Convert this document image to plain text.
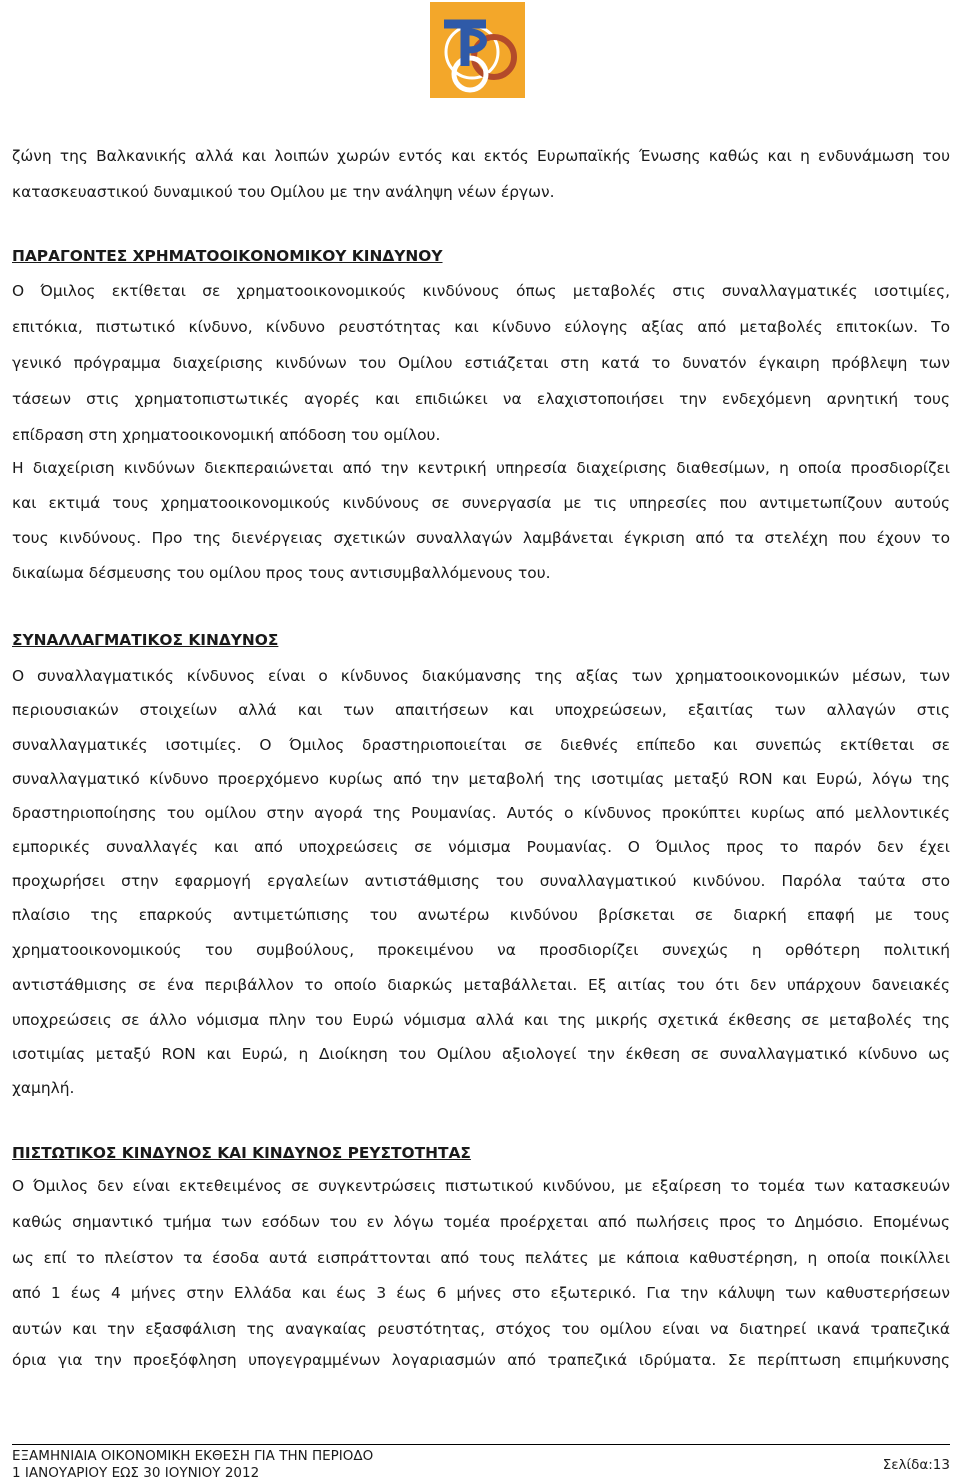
ζώνη της Βαλκανικής αλλά και λοιπών χωρών εντός και εκτός Ευρωπαϊκής Ένωσης καθώς και η ενδυνάμωση του
κατασκευαστικού δυναμικού του Ομίλου με την ανάληψη νέων έργων.
ΠΑΡΑΓΟΝΤΕΣ ΧΡΗΜΑΤΟΟΙΚΟΝΟΜΙΚΟΥ ΚΙΝΔΥΝΟΥ
Ο Όμιλος εκτίθεται σε χρηματοοικονομικούς κινδύνους όπως μεταβολές στις συναλλαγματικές ισοτιμίες,
επιτόκια, πιστωτικό κίνδυνο, κίνδυνο ρευστότητας και κίνδυνο εύλογης αξίας από μεταβολές επιτοκίων. Το
γενικό πρόγραμμα διαχείρισης κινδύνων του Ομίλου εστιάζεται στη κατά το δυνατόν έγκαιρη πρόβλεψη των
τάσεων στις χρηματοπιστωτικές αγορές και επιδιώκει να ελαχιστοποιήσει την ενδεχόμενη αρνητική τους
επίδραση στη χρηματοοικονομική απόδοση του ομίλου.
Η διαχείριση κινδύνων διεκπεραιώνεται από την κεντρική υπηρεσία διαχείρισης διαθεσίμων, η οποία προσδιορίζει
και εκτιμά τους χρηματοοικονομικούς κινδύνους σε συνεργασία με τις υπηρεσίες που αντιμετωπίζουν αυτούς
τους κινδύνους. Προ της διενέργειας σχετικών συναλλαγών λαμβάνεται έγκριση από τα στελέχη που έχουν το
δικαίωμα δέσμευσης του ομίλου προς τους αντισυμβαλλόμενους του.
ΣΥΝΑΛΛΑΓΜΑΤΙΚΟΣ ΚΙΝΔΥΝΟΣ
Ο συναλλαγματικός κίνδυνος είναι ο κίνδυνος διακύμανσης της αξίας των χρηματοοικονομικών μέσων, των
περιουσιακών στοιχείων αλλά και των απαιτήσεων και υποχρεώσεων, εξαιτίας των αλλαγών στις
συναλλαγματικές ισοτιμίες. Ο Όμιλος δραστηριοποιείται σε διεθνές επίπεδο και συνεπώς εκτίθεται σε
συναλλαγματικό κίνδυνο προερχόμενο κυρίως από την μεταβολή της ισοτιμίας μεταξύ RON και Ευρώ, λόγω της
δραστηριοποίησης του ομίλου στην αγορά της Ρουμανίας. Αυτός ο κίνδυνος προκύπτει κυρίως από μελλοντικές
εμπορικές συναλλαγές και από υποχρεώσεις σε νόμισμα Ρουμανίας. Ο Όμιλος προς το παρόν δεν έχει
προχωρήσει στην εφαρμογή εργαλείων αντιστάθμισης του συναλλαγματικού κινδύνου. Παρόλα ταύτα στο
πλαίσιο της επαρκούς αντιμετώπισης του ανωτέρω κινδύνου βρίσκεται σε διαρκή επαφή με τους
χρηματοοικονομικούς του συμβούλους, προκειμένου να προσδιορίζει συνεχώς η ορθότερη πολιτική
αντιστάθμισης σε ένα περιβάλλον το οποίο διαρκώς μεταβάλλεται. Εξ αιτίας του ότι δεν υπάρχουν δανειακές
υποχρεώσεις σε άλλο νόμισμα πλην του Ευρώ νόμισμα αλλά και της μικρής σχετικά έκθεσης σε μεταβολές της
ισοτιμίας μεταξύ RON και Ευρώ, η Διοίκηση του Ομίλου αξιολογεί την έκθεση σε συναλλαγματικό κίνδυνο ως
χαμηλή.
ΠΙΣΤΩΤΙΚΟΣ ΚΙΝΔΥΝΟΣ ΚΑΙ ΚΙΝΔΥΝΟΣ ΡΕΥΣΤΟΤΗΤΑΣ
Ο Όμιλος δεν είναι εκτεθειμένος σε συγκεντρώσεις πιστωτικού κινδύνου, με εξαίρεση το τομέα των κατασκευών
καθώς σημαντικό τμήμα των εσόδων του εν λόγω τομέα προέρχεται από πωλήσεις προς το Δημόσιο. Επομένως
ως επί το πλείστον τα έσοδα αυτά εισπράττονται από τους πελάτες με κάποια καθυστέρηση, η οποία ποικίλλει
από 1 έως 4 μήνες στην Ελλάδα και έως 3 έως 6 μήνες στο εξωτερικό. Για την κάλυψη των καθυστερήσεων
αυτών και την εξασφάλιση της αναγκαίας ρευστότητας, στόχος του ομίλου είναι να διατηρεί ικανά τραπεζικά
όρια για την προεξόφληση υπογεγραμμένων λογαριασμών από τραπεζικά ιδρύματα. Σε περίπτωση επιμήκυνσης
ΕΞΑΜΗΝΙΑΙΑ ΟΙΚΟΝΟΜΙΚΗ ΕΚΘΕΣΗ ΓΙΑ ΤΗΝ ΠΕΡΙΟΔΟ
1 ΙΑΝΟΥΑΡΙΟΥ ΕΩΣ 30 ΙΟΥΝΙΟΥ 2012	Σελίδα:13
